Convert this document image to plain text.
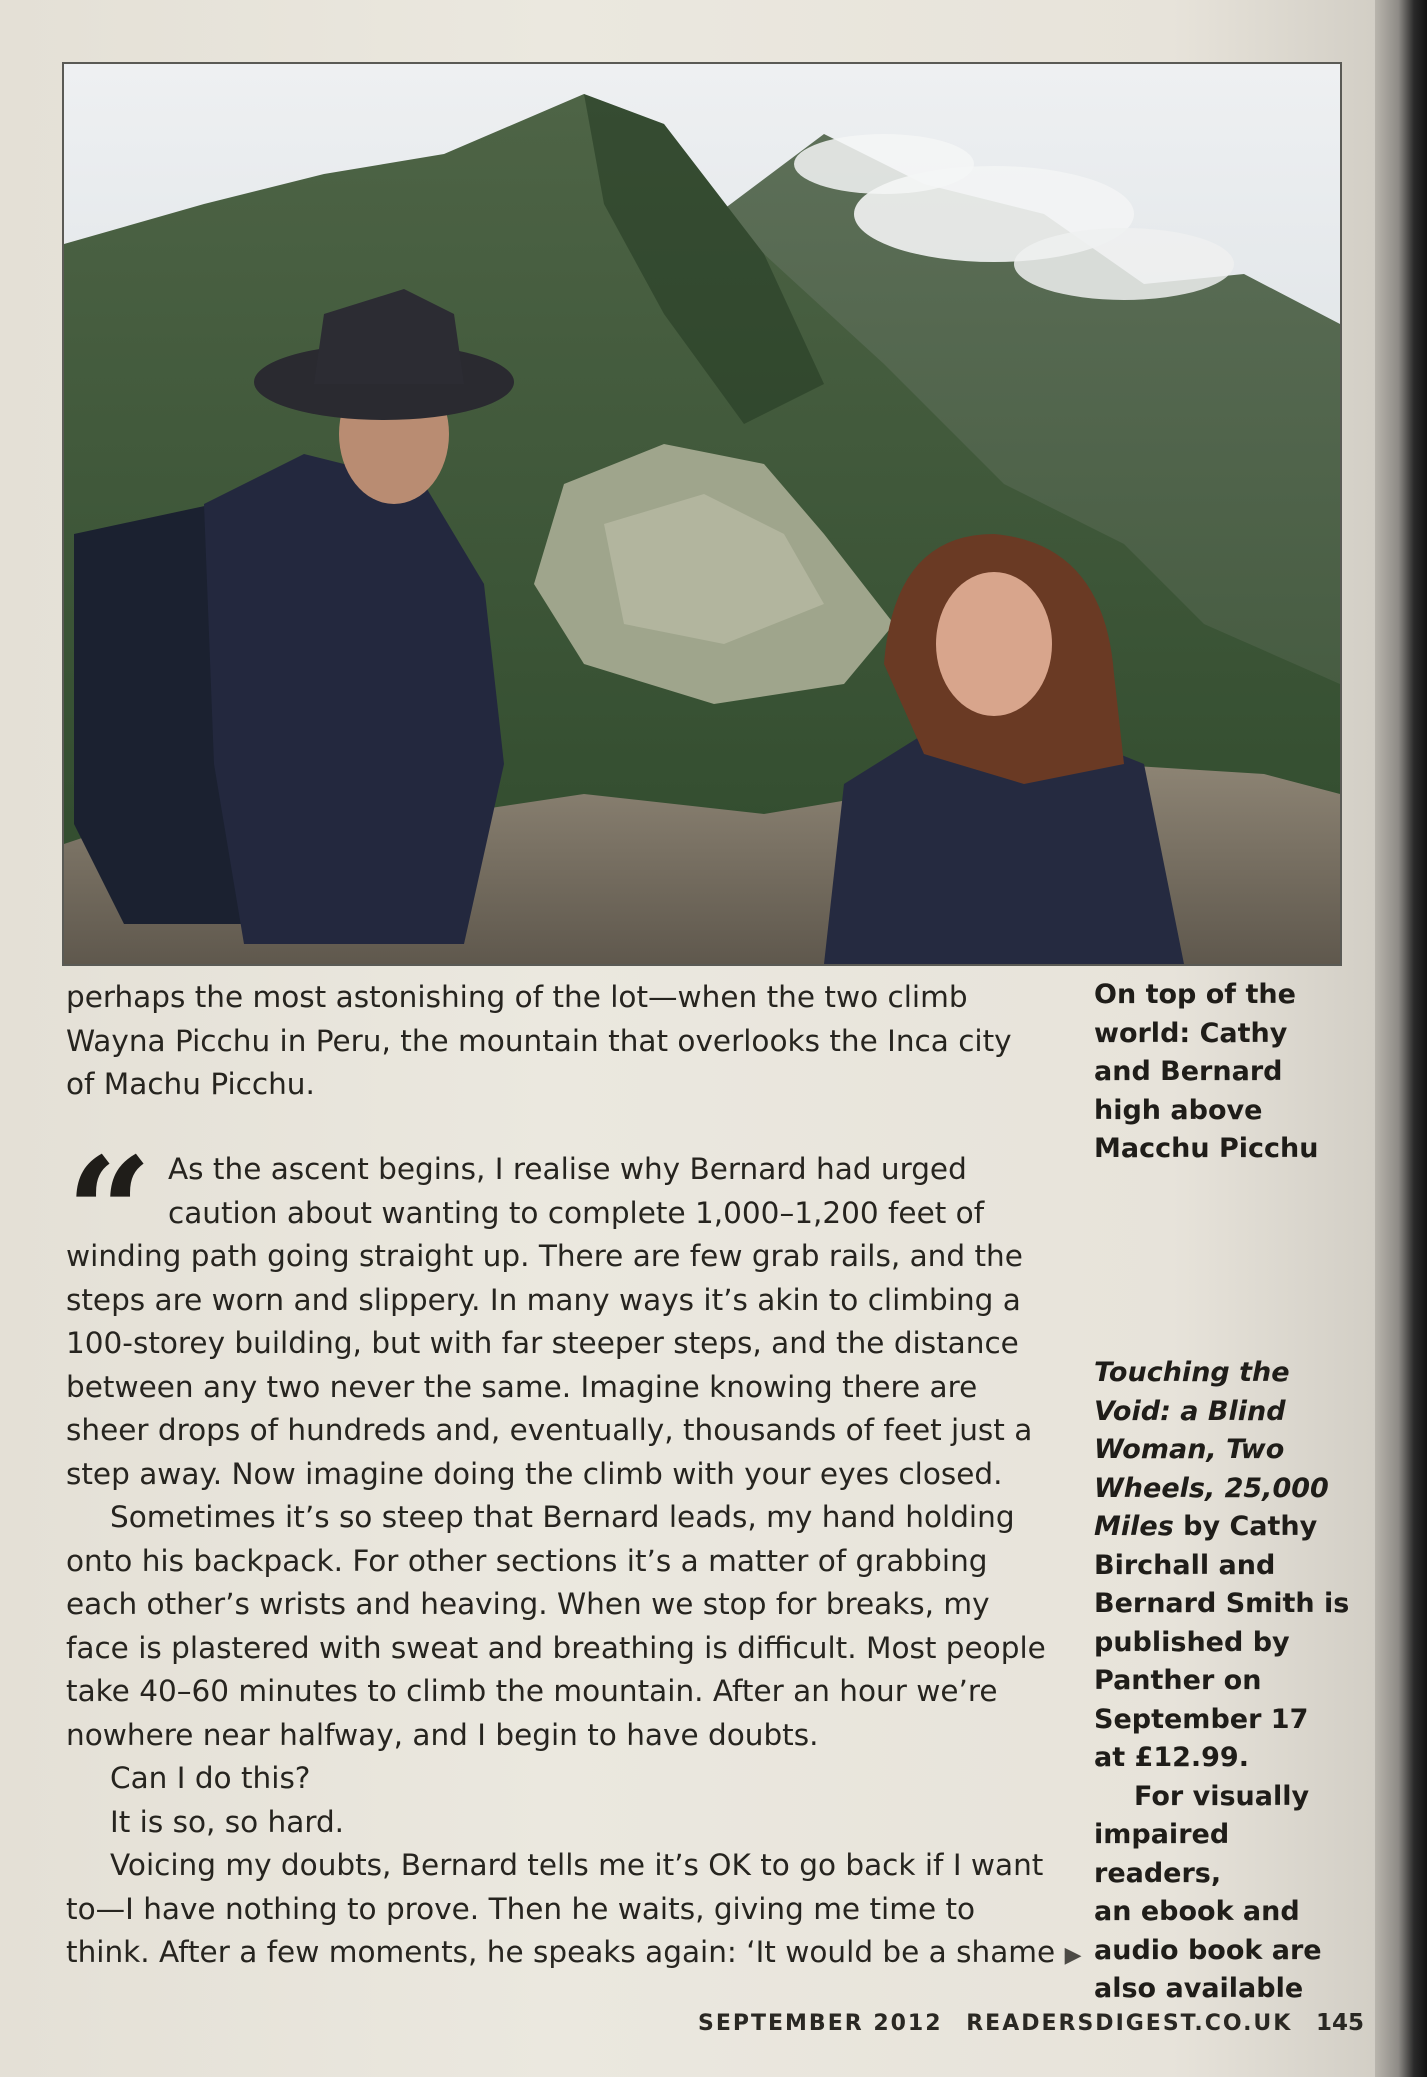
perhaps the most astonishing of the lot—when the two climb

Wayna Picchu in Peru, the mountain that overlooks the Inca city

of Machu Picchu.

“	As the ascent begins, I realise why Bernard had urged

caution about wanting to complete 1,000–1,200 feet of

winding path going straight up. There are few grab rails, and the

steps are worn and slippery. In many ways it’s akin to climbing a

100-storey building, but with far steeper steps, and the distance

between any two never the same. Imagine knowing there are

sheer drops of hundreds and, eventually, thousands of feet just a

step away. Now imagine doing the climb with your eyes closed.

Sometimes it’s so steep that Bernard leads, my hand holding

onto his backpack. For other sections it’s a matter of grabbing

each other’s wrists and heaving. When we stop for breaks, my

face is plastered with sweat and breathing is difficult. Most people

take 40–60 minutes to climb the mountain. After an hour we’re

nowhere near halfway, and I begin to have doubts.

Can I do this?

It is so, so hard.

Voicing my doubts, Bernard tells me it’s OK to go back if I want

to—I have nothing to prove. Then he waits, giving me time to

think. After a few moments, he speaks again: ‘It would be a shame ▶

On top of the

world: Cathy

and Bernard

high above

Macchu Picchu

Touching the

Void: a Blind

Woman, Two

Wheels, 25,000

Miles by Cathy

Birchall and

Bernard Smith is

published by

Panther on

September 17

at £12.99.

For visually

impaired readers,

an ebook and

audio book are

also available

SEPTEMBER 2012 READERSDIGEST.CO.UK 145
